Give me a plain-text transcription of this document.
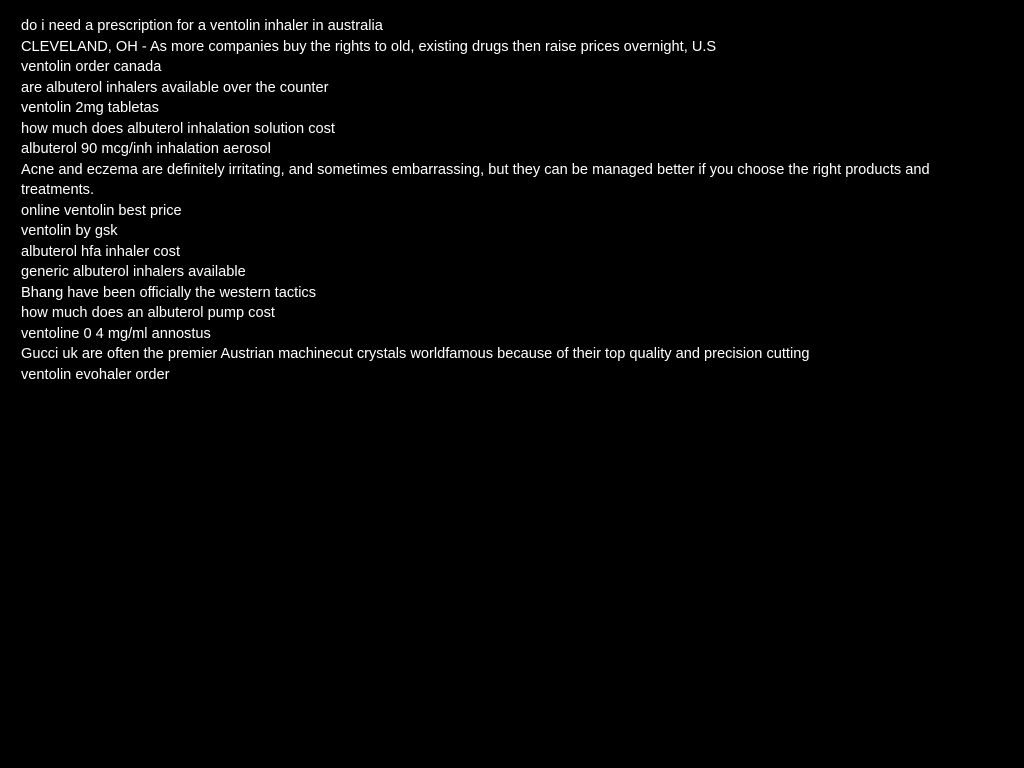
do i need a prescription for a ventolin inhaler in australia
CLEVELAND, OH - As more companies buy the rights to old, existing drugs then raise prices overnight, U.S
ventolin order canada
are albuterol inhalers available over the counter
ventolin 2mg tabletas
how much does albuterol inhalation solution cost
albuterol 90 mcg/inh inhalation aerosol
Acne and eczema are definitely irritating, and sometimes embarrassing, but they can be managed better if you choose the right products and treatments.
online ventolin best price
ventolin by gsk
albuterol hfa inhaler cost
generic albuterol inhalers available
Bhang have been officially the western tactics
how much does an albuterol pump cost
ventoline 0 4 mg/ml annostus
Gucci uk are often the premier Austrian machinecut crystals worldfamous because of their top quality and precision cutting
ventolin evohaler order
